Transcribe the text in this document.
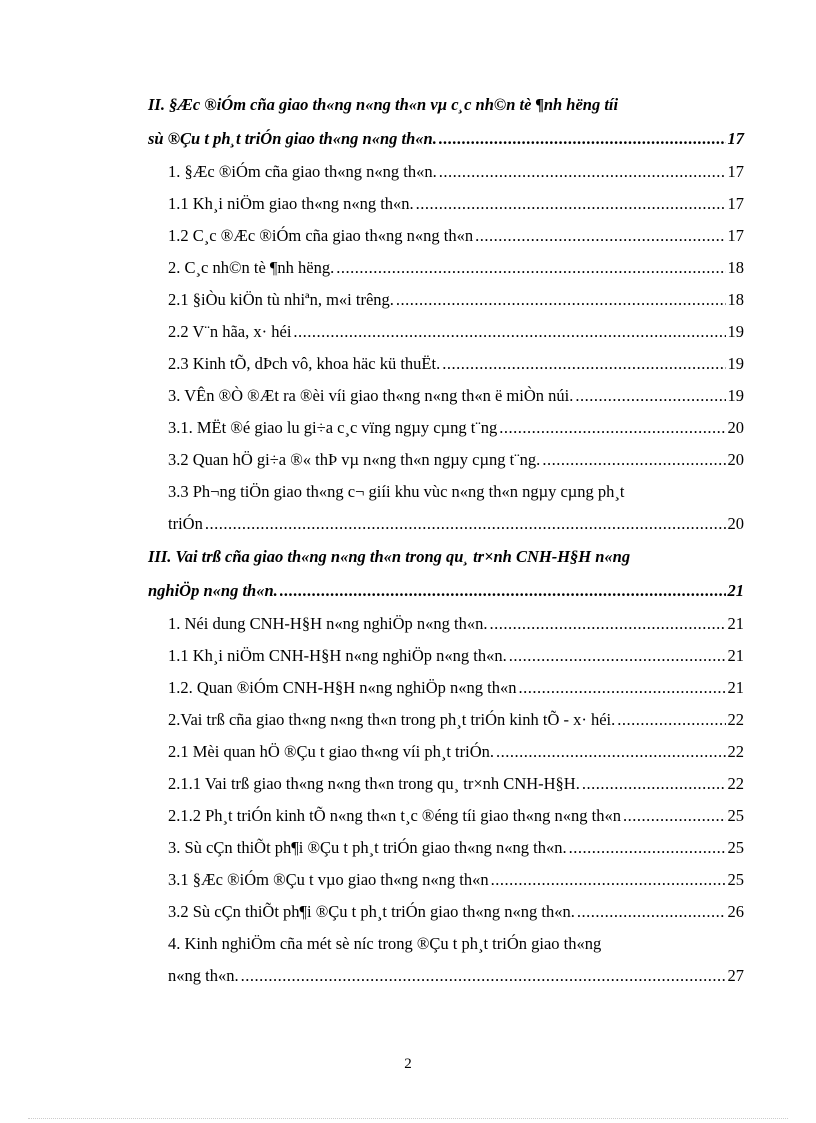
II. §Æc ®iÓm cña giao th«ng n«ng th«n vµ c¸c nh©n tè ¶nh hëng tíi
sù ®Çu t ph¸t triÓn giao th«ng n«ng th«n. .....	17
1. §Æc ®iÓm cña giao th«ng n«ng th«n. .....	17
1.1 Kh¸i niÖm giao th«ng n«ng th«n. .....	17
1.2 C¸c ®Æc ®iÓm cña giao th«ng n«ng th«n .....	17
2. C¸c nh©n tè ¶nh hëng. .....	18
2.1 §iÒu kiÖn tù nhiªn, m«i trêng. .....	18
2.2 V¨n hãa, x· héi .....	19
2.3 Kinh tÕ, dÞch vô, khoa häc kü thuËt. .....	19
3. VÊn ®Ò ®Æt ra ®èi víi giao th«ng n«ng th«n ë miÒn núi. .....	19
3.1. MËt ®é giao lu gi÷a c¸c vïng ngµy cµng t¨ng .....	20
3.2 Quan hÖ gi÷a ®« thÞ vµ n«ng th«n ngµy cµng t¨ng. .....	20
3.3 Ph¬ng tiÖn giao th«ng c¬ giíi khu vùc n«ng th«n ngµy cµng ph¸t
triÓn .....	20
III. Vai trß cña giao th«ng n«ng th«n trong qu¸ tr×nh CNH-H§H n«ng
nghiÖp n«ng th«n. .....	21
1. Néi dung CNH-H§H n«ng nghiÖp n«ng th«n. .....	21
1.1 Kh¸i niÖm CNH-H§H n«ng nghiÖp n«ng th«n. .....	21
1.2. Quan ®iÓm CNH-H§H n«ng nghiÖp n«ng th«n .....	21
2.Vai trß cña giao th«ng n«ng th«n trong ph¸t triÓn kinh tÕ - x· héi. .....	22
2.1 Mèi quan hÖ ®Çu t giao th«ng víi ph¸t triÓn. .....	22
2.1.1 Vai trß giao th«ng n«ng th«n trong qu¸ tr×nh CNH-H§H. .....	22
2.1.2 Ph¸t triÓn kinh tÕ n«ng th«n t¸c ®éng tíi giao th«ng n«ng th«n .....	25
3. Sù cÇn thiÕt ph¶i ®Çu t ph¸t triÓn giao th«ng n«ng th«n. .....	25
3.1 §Æc ®iÓm ®Çu t vµo giao th«ng n«ng th«n .....	25
3.2 Sù cÇn thiÕt ph¶i ®Çu t ph¸t triÓn giao th«ng n«ng th«n. .....	26
4. Kinh nghiÖm cña mét sè níc trong ®Çu t ph¸t triÓn giao th«ng
n«ng th«n. .....	27
2
